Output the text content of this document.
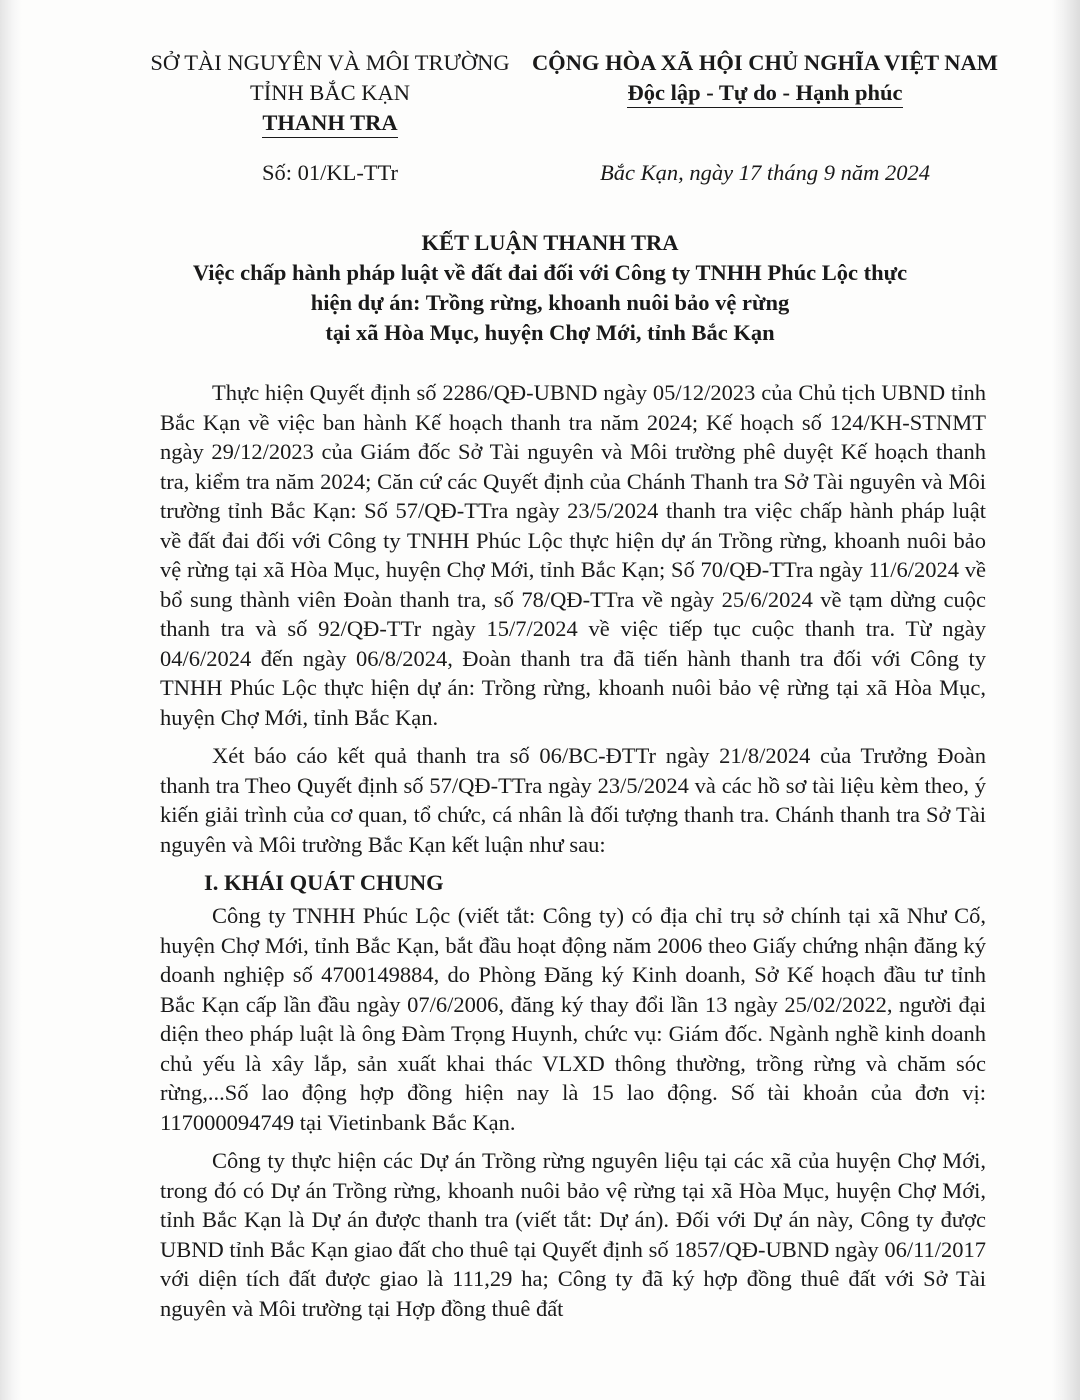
SỞ TÀI NGUYÊN VÀ MÔI TRƯỜNG
TỈNH BẮC KẠN
THANH TRA
CỘNG HÒA XÃ HỘI CHỦ NGHĨA VIỆT NAM
Độc lập - Tự do - Hạnh phúc
Số: 01/KL-TTr	Bắc Kạn, ngày 17 tháng 9 năm 2024
KẾT LUẬN THANH TRA
Việc chấp hành pháp luật về đất đai đối với Công ty TNHH Phúc Lộc thực
hiện dự án: Trồng rừng, khoanh nuôi bảo vệ rừng
tại xã Hòa Mục, huyện Chợ Mới, tỉnh Bắc Kạn

Thực hiện Quyết định số 2286/QĐ-UBND ngày 05/12/2023 của Chủ tịch UBND tỉnh Bắc Kạn về việc ban hành Kế hoạch thanh tra năm 2024; Kế hoạch số 124/KH-STNMT ngày 29/12/2023 của Giám đốc Sở Tài nguyên và Môi trường phê duyệt Kế hoạch thanh tra, kiểm tra năm 2024; Căn cứ các Quyết định của Chánh Thanh tra Sở Tài nguyên và Môi trường tỉnh Bắc Kạn: Số 57/QĐ-TTra ngày 23/5/2024 thanh tra việc chấp hành pháp luật về đất đai đối với Công ty TNHH Phúc Lộc thực hiện dự án Trồng rừng, khoanh nuôi bảo vệ rừng tại xã Hòa Mục, huyện Chợ Mới, tỉnh Bắc Kạn; Số 70/QĐ-TTra ngày 11/6/2024 về bổ sung thành viên Đoàn thanh tra, số 78/QĐ-TTra về ngày 25/6/2024 về tạm dừng cuộc thanh tra và số 92/QĐ-TTr ngày 15/7/2024 về việc tiếp tục cuộc thanh tra. Từ ngày 04/6/2024 đến ngày 06/8/2024, Đoàn thanh tra đã tiến hành thanh tra đối với Công ty TNHH Phúc Lộc thực hiện dự án: Trồng rừng, khoanh nuôi bảo vệ rừng tại xã Hòa Mục, huyện Chợ Mới, tỉnh Bắc Kạn.

Xét báo cáo kết quả thanh tra số 06/BC-ĐTTr ngày 21/8/2024 của Trưởng Đoàn thanh tra Theo Quyết định số 57/QĐ-TTra ngày 23/5/2024 và các hồ sơ tài liệu kèm theo, ý kiến giải trình của cơ quan, tổ chức, cá nhân là đối tượng thanh tra. Chánh thanh tra Sở Tài nguyên và Môi trường Bắc Kạn kết luận như sau:

I. KHÁI QUÁT CHUNG

Công ty TNHH Phúc Lộc (viết tắt: Công ty) có địa chỉ trụ sở chính tại xã Như Cố, huyện Chợ Mới, tỉnh Bắc Kạn, bắt đầu hoạt động năm 2006 theo Giấy chứng nhận đăng ký doanh nghiệp số 4700149884, do Phòng Đăng ký Kinh doanh, Sở Kế hoạch đầu tư tỉnh Bắc Kạn cấp lần đầu ngày 07/6/2006, đăng ký thay đổi lần 13 ngày 25/02/2022, người đại diện theo pháp luật là ông Đàm Trọng Huynh, chức vụ: Giám đốc. Ngành nghề kinh doanh chủ yếu là xây lắp, sản xuất khai thác VLXD thông thường, trồng rừng và chăm sóc rừng,...Số lao động hợp đồng hiện nay là 15 lao động. Số tài khoản của đơn vị: 117000094749 tại Vietinbank Bắc Kạn.

Công ty thực hiện các Dự án Trồng rừng nguyên liệu tại các xã của huyện Chợ Mới, trong đó có Dự án Trồng rừng, khoanh nuôi bảo vệ rừng tại xã Hòa Mục, huyện Chợ Mới, tỉnh Bắc Kạn là Dự án được thanh tra (viết tắt: Dự án). Đối với Dự án này, Công ty được UBND tỉnh Bắc Kạn giao đất cho thuê tại Quyết định số 1857/QĐ-UBND ngày 06/11/2017 với diện tích đất được giao là 111,29 ha; Công ty đã ký hợp đồng thuê đất với Sở Tài nguyên và Môi trường tại Hợp đồng thuê đất
